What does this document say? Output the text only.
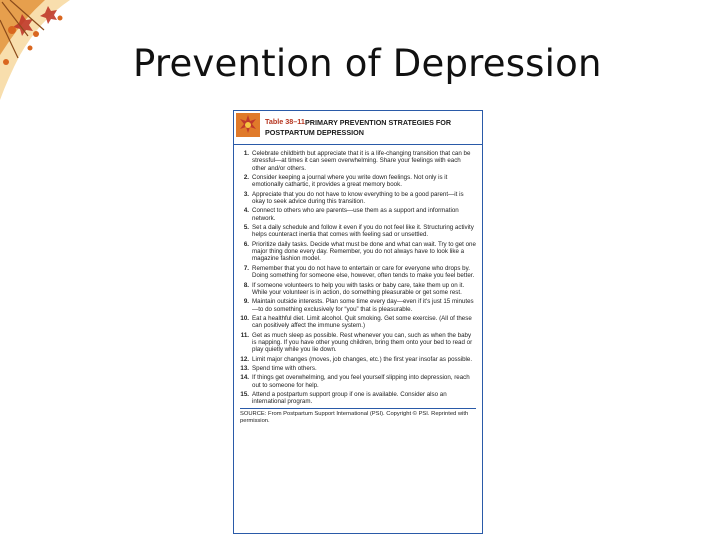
Prevention of Depression
Table 38–11 PRIMARY PREVENTION STRATEGIES FOR POSTPARTUM DEPRESSION
1. Celebrate childbirth but appreciate that it is a life-changing transition that can be stressful—at times it can seem overwhelming. Share your feelings with each other and/or others.
2. Consider keeping a journal where you write down feelings. Not only is it emotionally cathartic, it provides a great memory book.
3. Appreciate that you do not have to know everything to be a good parent—it is okay to seek advice during this transition.
4. Connect to others who are parents—use them as a support and information network.
5. Set a daily schedule and follow it even if you do not feel like it. Structuring activity helps counteract inertia that comes with feeling sad or unsettled.
6. Prioritize daily tasks. Decide what must be done and what can wait. Try to get one major thing done every day. Remember, you do not always have to look like a magazine fashion model.
7. Remember that you do not have to entertain or care for everyone who drops by. Doing something for someone else, however, often tends to make you feel better.
8. If someone volunteers to help you with tasks or baby care, take them up on it. While your volunteer is in action, do something pleasurable or get some rest.
9. Maintain outside interests. Plan some time every day—even if it's just 15 minutes—to do something exclusively for “you” that is pleasurable.
10. Eat a healthful diet. Limit alcohol. Quit smoking. Get some exercise. (All of these can positively affect the immune system.)
11. Get as much sleep as possible. Rest whenever you can, such as when the baby is napping. If you have other young children, bring them onto your bed to read or play quietly while you lie down.
12. Limit major changes (moves, job changes, etc.) the first year insofar as possible.
13. Spend time with others.
14. If things get overwhelming, and you feel yourself slipping into depression, reach out to someone for help.
15. Attend a postpartum support group if one is available. Consider also an international program.
SOURCE: From Postpartum Support International (PSI). Copyright © PSI. Reprinted with permission.
